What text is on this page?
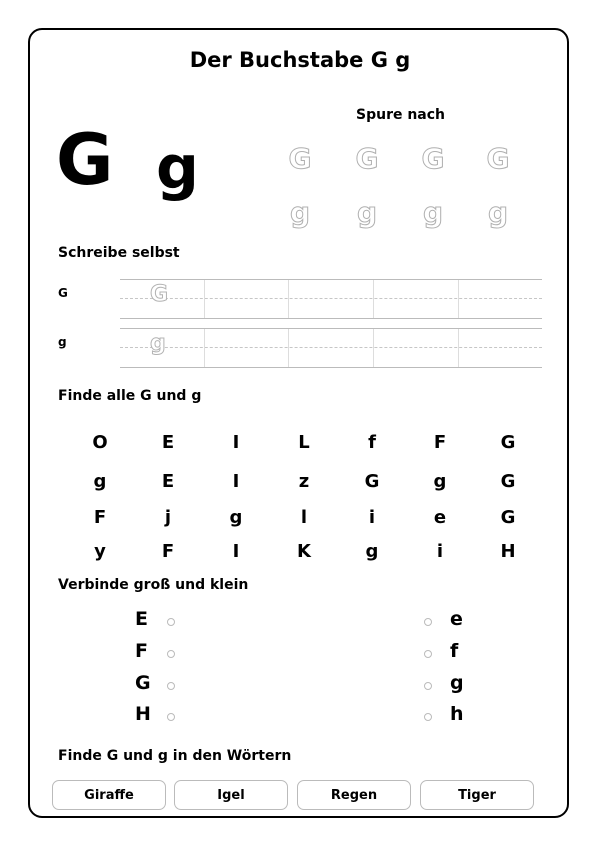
Der Buchstabe G g
G g
Spure nach
G	G	G	G
g	g	g	g
Schreibe selbst
G	G
g	g
Finde alle G und g
O	E	I	L	f	F	G
g	E	I	z	G	g	G
F	j	g	l	i	e	G
y	F	I	K	g	i	H
Verbinde groß und klein
E
F
G
H
e
f
g
h
Finde G und g in den Wörtern
Giraffe	Igel	Regen	Tiger
